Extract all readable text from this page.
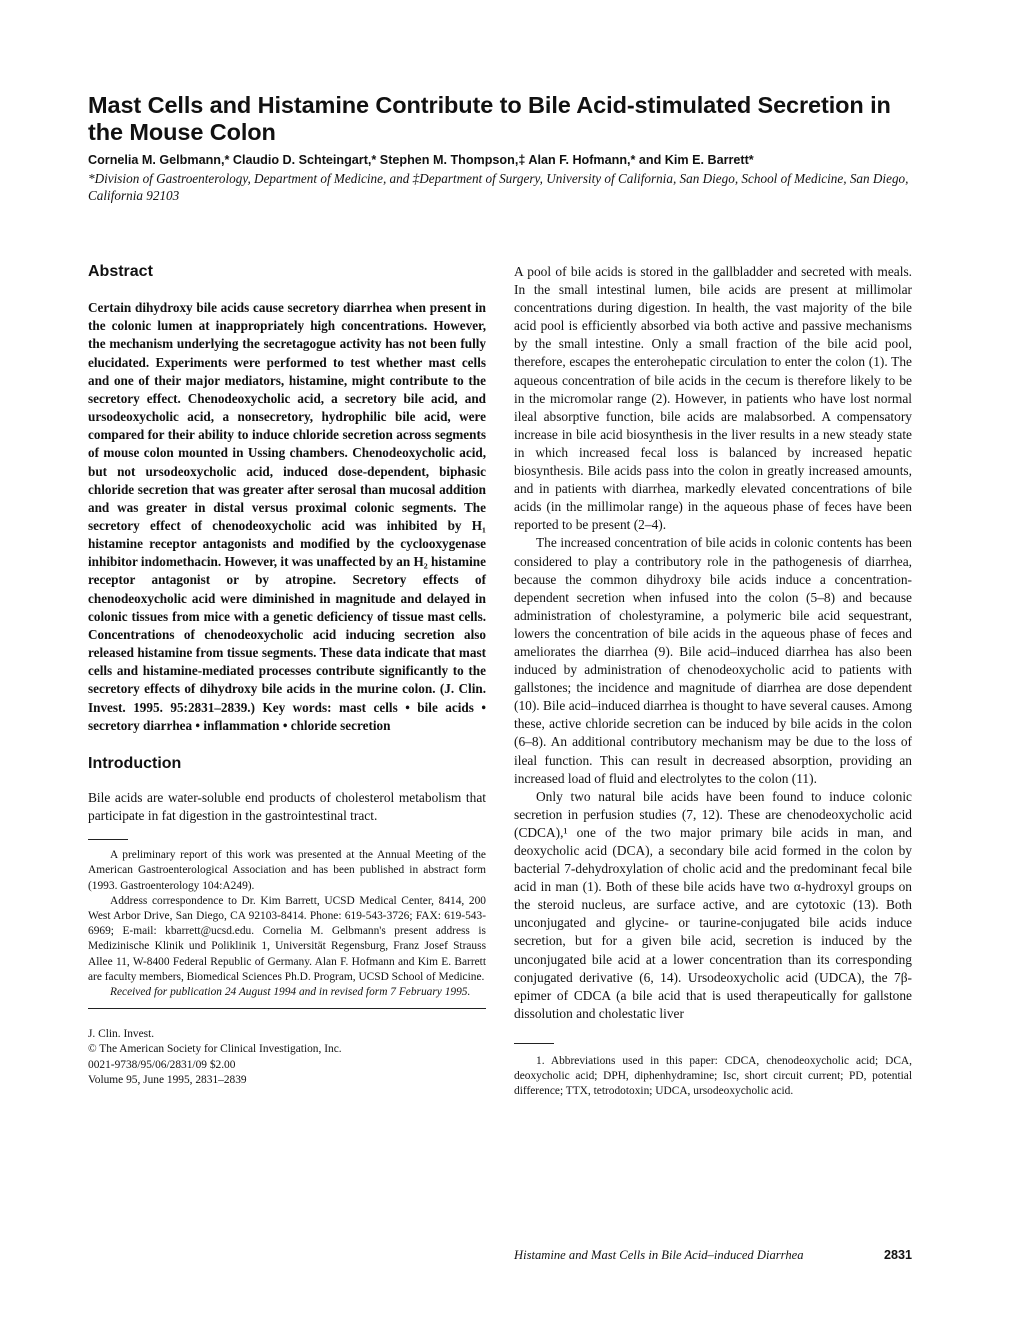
Mast Cells and Histamine Contribute to Bile Acid-stimulated Secretion in the Mouse Colon
Cornelia M. Gelbmann,* Claudio D. Schteingart,* Stephen M. Thompson,‡ Alan F. Hofmann,* and Kim E. Barrett*
*Division of Gastroenterology, Department of Medicine, and ‡Department of Surgery, University of California, San Diego, School of Medicine, San Diego, California 92103
Abstract

Certain dihydroxy bile acids cause secretory diarrhea when present in the colonic lumen at inappropriately high concentrations. However, the mechanism underlying the secretagogue activity has not been fully elucidated. Experiments were performed to test whether mast cells and one of their major mediators, histamine, might contribute to the secretory effect. Chenodeoxycholic acid, a secretory bile acid, and ursodeoxycholic acid, a nonsecretory, hydrophilic bile acid, were compared for their ability to induce chloride secretion across segments of mouse colon mounted in Ussing chambers. Chenodeoxycholic acid, but not ursodeoxycholic acid, induced dose-dependent, biphasic chloride secretion that was greater after serosal than mucosal addition and was greater in distal versus proximal colonic segments. The secretory effect of chenodeoxycholic acid was inhibited by H₁ histamine receptor antagonists and modified by the cyclooxygenase inhibitor indomethacin. However, it was unaffected by an H₂ histamine receptor antagonist or by atropine. Secretory effects of chenodeoxycholic acid were diminished in magnitude and delayed in colonic tissues from mice with a genetic deficiency of tissue mast cells. Concentrations of chenodeoxycholic acid inducing secretion also released histamine from tissue segments. These data indicate that mast cells and histamine-mediated processes contribute significantly to the secretory effects of dihydroxy bile acids in the murine colon. (J. Clin. Invest. 1995. 95:2831–2839.) Key words: mast cells • bile acids • secretory diarrhea • inflammation • chloride secretion

Introduction

Bile acids are water-soluble end products of cholesterol metabolism that participate in fat digestion in the gastrointestinal tract.

A preliminary report of this work was presented at the Annual Meeting of the American Gastroenterological Association and has been published in abstract form (1993. Gastroenterology 104:A249).

Address correspondence to Dr. Kim Barrett, UCSD Medical Center, 8414, 200 West Arbor Drive, San Diego, CA 92103-8414. Phone: 619-543-3726; FAX: 619-543-6969; E-mail: kbarrett@ucsd.edu. Cornelia M. Gelbmann's present address is Medizinische Klinik und Poliklinik 1, Universität Regensburg, Franz Josef Strauss Allee 11, W-8400 Federal Republic of Germany. Alan F. Hofmann and Kim E. Barrett are faculty members, Biomedical Sciences Ph.D. Program, UCSD School of Medicine.

Received for publication 24 August 1994 and in revised form 7 February 1995.

J. Clin. Invest.
© The American Society for Clinical Investigation, Inc.
0021-9738/95/06/2831/09 $2.00
Volume 95, June 1995, 2831–2839

A pool of bile acids is stored in the gallbladder and secreted with meals. In the small intestinal lumen, bile acids are present at millimolar concentrations during digestion. In health, the vast majority of the bile acid pool is efficiently absorbed via both active and passive mechanisms by the small intestine. Only a small fraction of the bile acid pool, therefore, escapes the enterohepatic circulation to enter the colon (1). The aqueous concentration of bile acids in the cecum is therefore likely to be in the micromolar range (2). However, in patients who have lost normal ileal absorptive function, bile acids are malabsorbed. A compensatory increase in bile acid biosynthesis in the liver results in a new steady state in which increased fecal loss is balanced by increased hepatic biosynthesis. Bile acids pass into the colon in greatly increased amounts, and in patients with diarrhea, markedly elevated concentrations of bile acids (in the millimolar range) in the aqueous phase of feces have been reported to be present (2–4).

The increased concentration of bile acids in colonic contents has been considered to play a contributory role in the pathogenesis of diarrhea, because the common dihydroxy bile acids induce a concentration-dependent secretion when infused into the colon (5–8) and because administration of cholestyramine, a polymeric bile acid sequestrant, lowers the concentration of bile acids in the aqueous phase of feces and ameliorates the diarrhea (9). Bile acid–induced diarrhea has also been induced by administration of chenodeoxycholic acid to patients with gallstones; the incidence and magnitude of diarrhea are dose dependent (10). Bile acid–induced diarrhea is thought to have several causes. Among these, active chloride secretion can be induced by bile acids in the colon (6–8). An additional contributory mechanism may be due to the loss of ileal function. This can result in decreased absorption, providing an increased load of fluid and electrolytes to the colon (11).

Only two natural bile acids have been found to induce colonic secretion in perfusion studies (7, 12). These are chenodeoxycholic acid (CDCA),¹ one of the two major primary bile acids in man, and deoxycholic acid (DCA), a secondary bile acid formed in the colon by bacterial 7-dehydroxylation of cholic acid and the predominant fecal bile acid in man (1). Both of these bile acids have two α-hydroxyl groups on the steroid nucleus, are surface active, and are cytotoxic (13). Both unconjugated and glycine- or taurine-conjugated bile acids induce secretion, but for a given bile acid, secretion is induced by the unconjugated bile acid at a lower concentration than its corresponding conjugated derivative (6, 14). Ursodeoxycholic acid (UDCA), the 7β-epimer of CDCA (a bile acid that is used therapeutically for gallstone dissolution and cholestatic liver

1. Abbreviations used in this paper: CDCA, chenodeoxycholic acid; DCA, deoxycholic acid; DPH, diphenhydramine; Isc, short circuit current; PD, potential difference; TTX, tetrodotoxin; UDCA, ursodeoxycholic acid.

Histamine and Mast Cells in Bile Acid–induced Diarrhea	2831
